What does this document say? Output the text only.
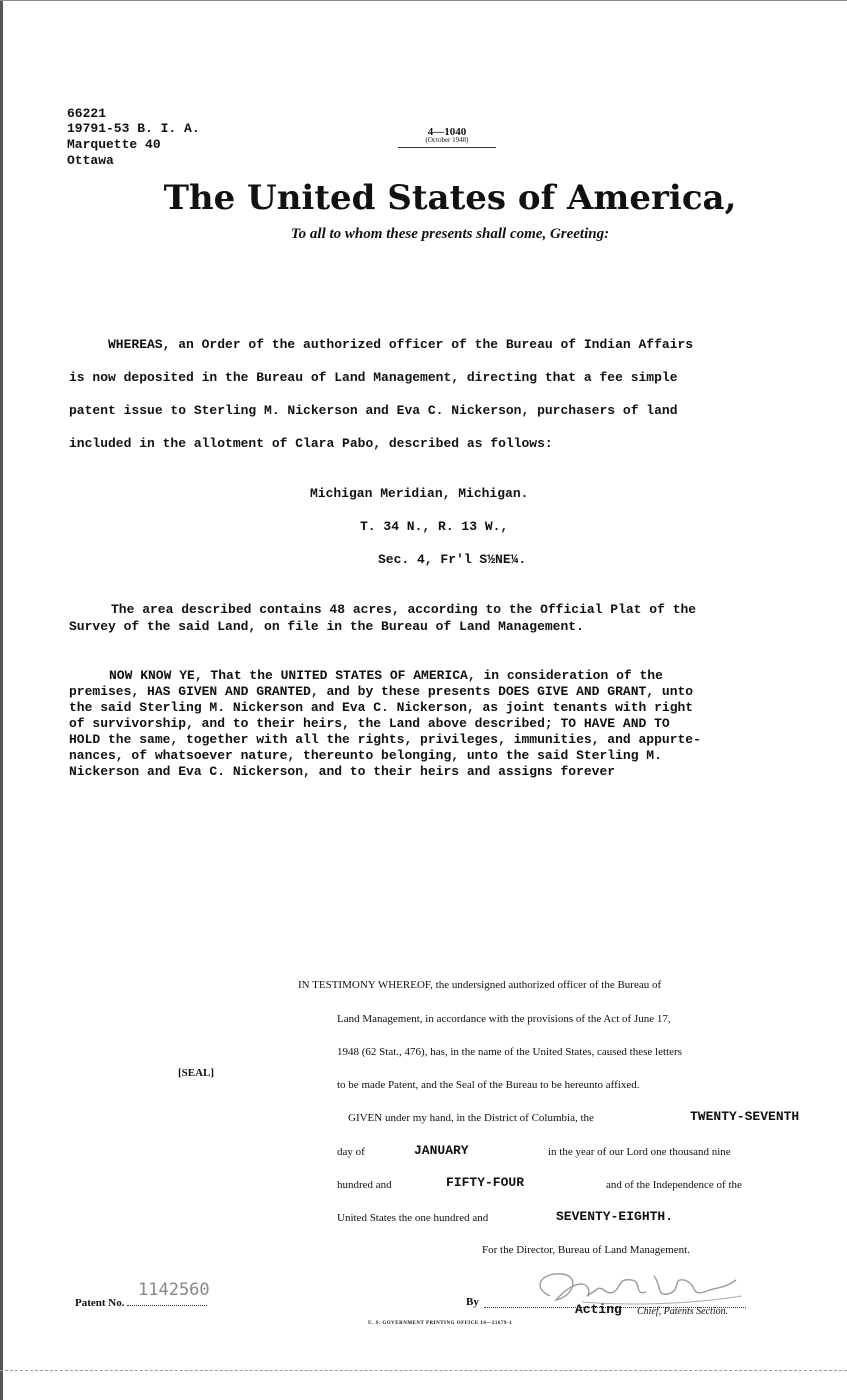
66221
19791-53 B. I. A.
Marquette 40
Ottawa
4—1040
(October 1948)
The United States of America,
To all to whom these presents shall come, Greeting:
WHEREAS, an Order of the authorized officer of the Bureau of Indian Affairs
is now deposited in the Bureau of Land Management, directing that a fee simple
patent issue to Sterling M. Nickerson and Eva C. Nickerson, purchasers of land
included in the allotment of Clara Pabo, described as follows:
Michigan Meridian, Michigan.
T. 34 N., R. 13 W.,
Sec. 4, Fr'l S½NE¼.
The area described contains 48 acres, according to the Official Plat of the
Survey of the said Land, on file in the Bureau of Land Management.
NOW KNOW YE, That the UNITED STATES OF AMERICA, in consideration of the
premises, HAS GIVEN AND GRANTED, and by these presents DOES GIVE AND GRANT, unto
the said Sterling M. Nickerson and Eva C. Nickerson, as joint tenants with right
of survivorship, and to their heirs, the Land above described; TO HAVE AND TO
HOLD the same, together with all the rights, privileges, immunities, and appurte-
nances, of whatsoever nature, thereunto belonging, unto the said Sterling M.
Nickerson and Eva C. Nickerson, and to their heirs and assigns forever
IN TESTIMONY WHEREOF, the undersigned authorized officer of the Bureau of
Land Management, in accordance with the provisions of the Act of June 17,
1948 (62 Stat., 476), has, in the name of the United States, caused these letters
to be made Patent, and the Seal of the Bureau to be hereunto affixed.
[SEAL]
GIVEN under my hand, in the District of Columbia, the	TWENTY-SEVENTH
day of	JANUARY	in the year of our Lord one thousand nine
hundred and	FIFTY-FOUR	and of the Independence of the
United States the one hundred and	SEVENTY-EIGHTH.
For the Director, Bureau of Land Management.
Patent No.
1142560
By	Acting Chief, Patents Section.
U. S. GOVERNMENT PRINTING OFFICE 16—21679-1
